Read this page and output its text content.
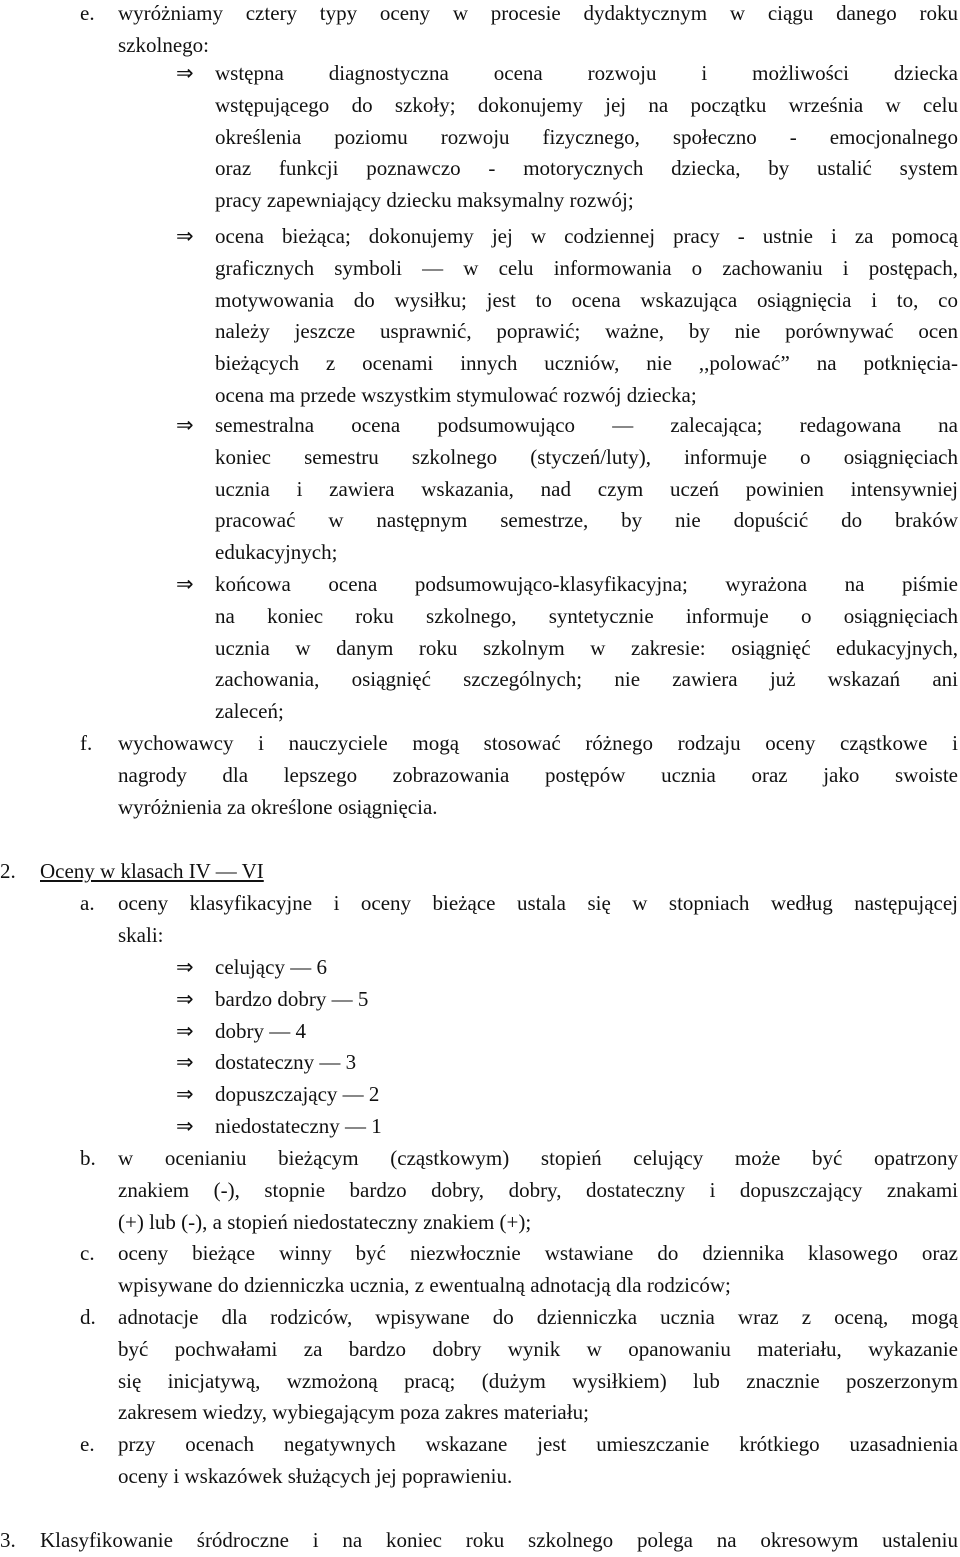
e. wyróżniamy cztery typy oceny w procesie dydaktycznym w ciągu danego roku
szkolnego:
⇒ wstępna diagnostyczna ocena rozwoju i możliwości dziecka
wstępującego do szkoły; dokonujemy jej na początku września w celu
określenia poziomu rozwoju fizycznego, społeczno - emocjonalnego
oraz funkcji poznawczo - motorycznych dziecka, by ustalić system
pracy zapewniający dziecku maksymalny rozwój;
⇒ ocena bieżąca; dokonujemy jej w codziennej pracy - ustnie i za pomocą
graficznych symboli — w celu informowania o zachowaniu i postępach,
motywowania do wysiłku; jest to ocena wskazująca osiągnięcia i to, co
należy jeszcze usprawnić, poprawić; ważne, by nie porównywać ocen
bieżących z ocenami innych uczniów, nie ,,polować” na potknięcia-
ocena ma przede wszystkim stymulować rozwój dziecka;
⇒ semestralna ocena podsumowująco — zalecająca; redagowana na
koniec semestru szkolnego (styczeń/luty), informuje o osiągnięciach
ucznia i zawiera wskazania, nad czym uczeń powinien intensywniej
pracować w następnym semestrze, by nie dopuścić do braków
edukacyjnych;
⇒ końcowa ocena podsumowująco-klasyfikacyjna; wyrażona na piśmie
na koniec roku szkolnego, syntetycznie informuje o osiągnięciach
ucznia w danym roku szkolnym w zakresie: osiągnięć edukacyjnych,
zachowania, osiągnięć szczególnych; nie zawiera już wskazań ani
zaleceń;
f. wychowawcy i nauczyciele mogą stosować różnego rodzaju oceny cząstkowe i
nagrody dla lepszego zobrazowania postępów ucznia oraz jako swoiste
wyróżnienia za określone osiągnięcia.
2. Oceny w klasach IV — VI
a. oceny klasyfikacyjne i oceny bieżące ustala się w stopniach według następującej
skali:
⇒ celujący — 6
⇒ bardzo dobry — 5
⇒ dobry — 4
⇒ dostateczny — 3
⇒ dopuszczający — 2
⇒ niedostateczny — 1
b. w ocenianiu bieżącym (cząstkowym) stopień celujący może być opatrzony
znakiem (-), stopnie bardzo dobry, dobry, dostateczny i dopuszczający znakami
(+) lub (-), a stopień niedostateczny znakiem (+);
c. oceny bieżące winny być niezwłocznie wstawiane do dziennika klasowego oraz
wpisywane do dzienniczka ucznia, z ewentualną adnotacją dla rodziców;
d. adnotacje dla rodziców, wpisywane do dzienniczka ucznia wraz z oceną, mogą
być pochwałami za bardzo dobry wynik w opanowaniu materiału, wykazanie
się inicjatywą, wzmożoną pracą; (dużym wysiłkiem) lub znacznie poszerzonym
zakresem wiedzy, wybiegającym poza zakres materiału;
e. przy ocenach negatywnych wskazane jest umieszczanie krótkiego uzasadnienia
oceny i wskazówek służących jej poprawieniu.
3. Klasyfikowanie śródroczne i na koniec roku szkolnego polega na okresowym ustaleniu
